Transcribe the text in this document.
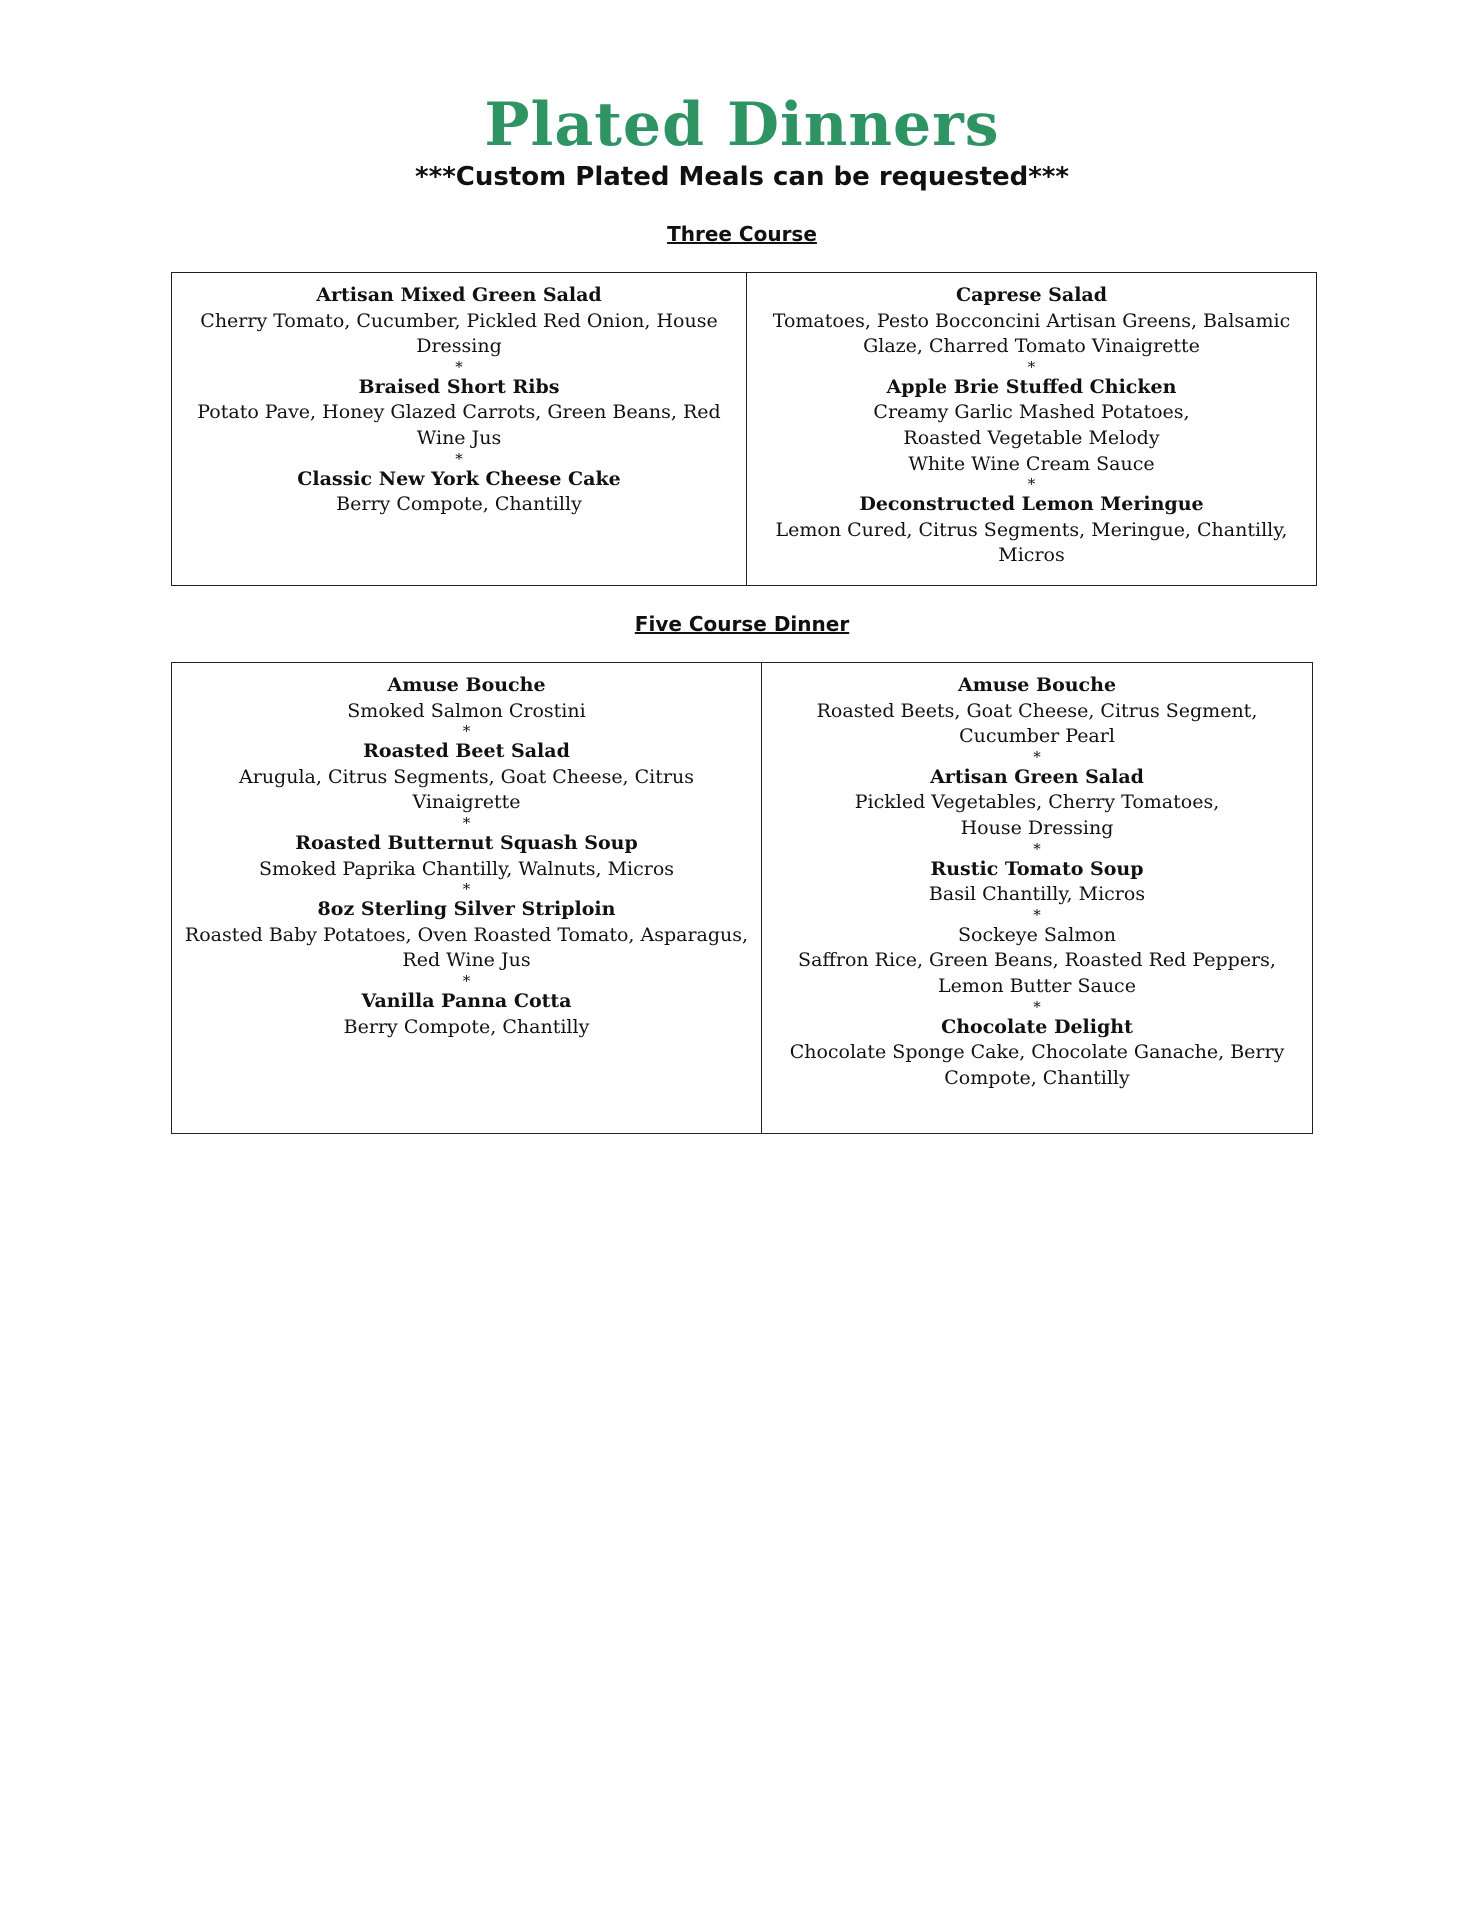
Plated Dinners
***Custom Plated Meals can be requested***
Three Course
Artisan Mixed Green Salad
Cherry Tomato, Cucumber, Pickled Red Onion, House Dressing
*
Braised Short Ribs
Potato Pave, Honey Glazed Carrots, Green Beans, Red Wine Jus
*
Classic New York Cheese Cake
Berry Compote, Chantilly

Caprese Salad
Tomatoes, Pesto Bocconcini Artisan Greens, Balsamic Glaze, Charred Tomato Vinaigrette
*
Apple Brie Stuffed Chicken
Creamy Garlic Mashed Potatoes,
Roasted Vegetable Melody
White Wine Cream Sauce
*
Deconstructed Lemon Meringue
Lemon Cured, Citrus Segments, Meringue, Chantilly, Micros
Five Course Dinner
Amuse Bouche
Smoked Salmon Crostini
*
Roasted Beet Salad
Arugula, Citrus Segments, Goat Cheese, Citrus Vinaigrette
*
Roasted Butternut Squash Soup
Smoked Paprika Chantilly, Walnuts, Micros
*
8oz Sterling Silver Striploin
Roasted Baby Potatoes, Oven Roasted Tomato, Asparagus, Red Wine Jus
*
Vanilla Panna Cotta
Berry Compote, Chantilly

Amuse Bouche
Roasted Beets, Goat Cheese, Citrus Segment, Cucumber Pearl
*
Artisan Green Salad
Pickled Vegetables, Cherry Tomatoes,
House Dressing
*
Rustic Tomato Soup
Basil Chantilly, Micros
*
Sockeye Salmon
Saffron Rice, Green Beans, Roasted Red Peppers, Lemon Butter Sauce
*
Chocolate Delight
Chocolate Sponge Cake, Chocolate Ganache, Berry Compote, Chantilly
